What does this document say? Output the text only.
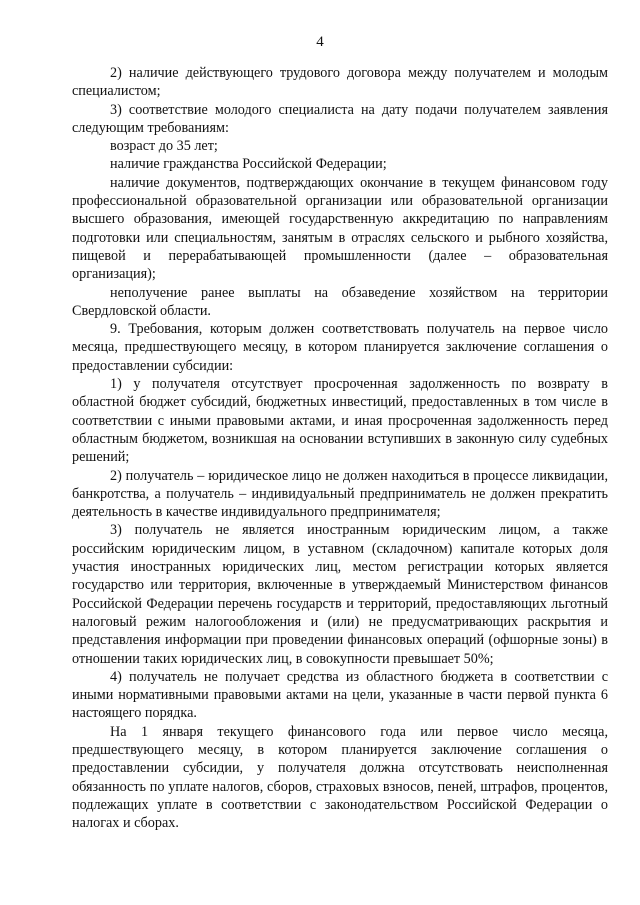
4

2) наличие действующего трудового договора между получателем и молодым специалистом;

3) соответствие молодого специалиста на дату подачи получателем заявления следующим требованиям:

возраст до 35 лет;

наличие гражданства Российской Федерации;

наличие документов, подтверждающих окончание в текущем финансовом году профессиональной образовательной организации или образовательной организации высшего образования, имеющей государственную аккредитацию по направлениям подготовки или специальностям, занятым в отраслях сельского и рыбного хозяйства, пищевой и перерабатывающей промышленности (далее – образовательная организация);

неполучение ранее выплаты на обзаведение хозяйством на территории Свердловской области.

9. Требования, которым должен соответствовать получатель на первое число месяца, предшествующего месяцу, в котором планируется заключение соглашения о предоставлении субсидии:

1) у получателя отсутствует просроченная задолженность по возврату в областной бюджет субсидий, бюджетных инвестиций, предоставленных в том числе в соответствии с иными правовыми актами, и иная просроченная задолженность перед областным бюджетом, возникшая на основании вступивших в законную силу судебных решений;

2) получатель – юридическое лицо не должен находиться в процессе ликвидации, банкротства, а получатель – индивидуальный предприниматель не должен прекратить деятельность в качестве индивидуального предпринимателя;

3) получатель не является иностранным юридическим лицом, а также российским юридическим лицом, в уставном (складочном) капитале которых доля участия иностранных юридических лиц, местом регистрации которых является государство или территория, включенные в утверждаемый Министерством финансов Российской Федерации перечень государств и территорий, предоставляющих льготный налоговый режим налогообложения и (или) не предусматривающих раскрытия и представления информации при проведении финансовых операций (офшорные зоны) в отношении таких юридических лиц, в совокупности превышает 50%;

4) получатель не получает средства из областного бюджета в соответствии с иными нормативными правовыми актами на цели, указанные в части первой пункта 6 настоящего порядка.

На 1 января текущего финансового года или первое число месяца, предшествующего месяцу, в котором планируется заключение соглашения о предоставлении субсидии, у получателя должна отсутствовать неисполненная обязанность по уплате налогов, сборов, страховых взносов, пеней, штрафов, процентов, подлежащих уплате в соответствии с законодательством Российской Федерации о налогах и сборах.
